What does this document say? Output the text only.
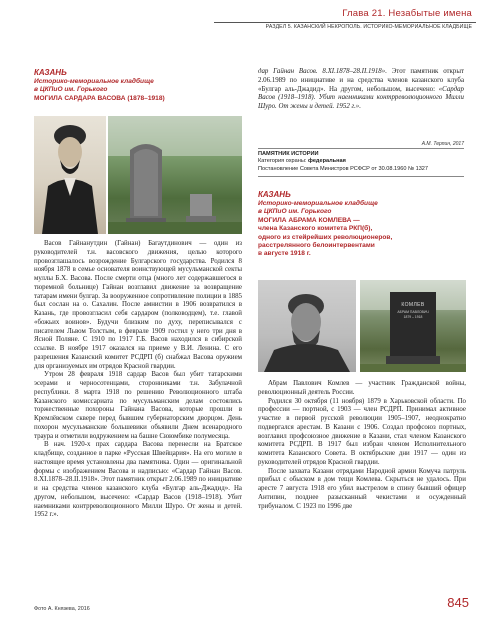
Глава 21. Незабытые имена
РАЗДЕЛ 5. КАЗАНСКИЙ НЕКРОПОЛЬ. ИСТОРИКО-МЕМОРИАЛЬНОЕ КЛАДБИЩЕ
КАЗАНЬ
Историко-мемориальное кладбище
в ЦКПиО им. Горького
МОГИЛА САРДАРА ВАСОВА (1878–1918)

Васов Гайнанутдин (Гайнан) Багаутдинович — один из руководителей т.н. васовского движения, целью которого провозглашалось возрождение Булгарского государства. Родился 8 ноября 1878 в семье основателя воинствующей мусульманской секты муллы Б.Х. Васова. После смерти отца (много лет содержавшегося в тюремной больнице) Гайнан возглавил движение за возвращение татарам имени булгар. За вооруженное сопротивление полиции в 1885 был сослан на о. Сахалин. После амнистии в 1906 возвратился в Казань, где провозгласил себя сардаром (полководцем), т.е. главой «божьих воинов». Будучи близким по духу, переписывался с писателем Львом Толстым, в феврале 1909 гостил у него три дня в Ясной Поляне. С 1910 по 1917 Г.Б. Васов находился в сибирской ссылке. В ноябре 1917 оказался на приеме у В.И. Ленина. С его разрешения Казанский комитет РСДРП (б) снабжал Васова оружием для организуемых им отрядов Красной гвардии.

Утром 28 февраля 1918 сардар Васов был убит татарскими эсерами и черносотенцами, сторонниками т.н. Забулачной республики. 8 марта 1918 по решению Революционного штаба Казанского комиссариата по мусульманским делам состоялись торжественные похороны Гайнана Васова, которые прошли в Кремлёвском сквере перед бывшим губернаторским дворцом. День похорон мусульманские большевики объявили Днем всенародного траура и отметили водружением на башне Сююмбике полумесяца.

В нач. 1920-х прах сардара Васова перенесли на Братское кладбище, созданное в парке «Русская Швейцария». На его могиле в настоящее время установлены два памятника. Один — оригинальной формы с изображением Васова и надписью: «Сардар Гайнан Васов. 8.XI.1878–28.II.1918». Этот памятник открыт 2.06.1989 по инициативе и на средства членов казанского клуба «Булгар аль-Джадид». На другом, небольшом, высечено: «Сардар Васов (1918–1918). Убит наемниками контрреволюционного Милли Шуро. От жены и детей. 1952 г.».

дар Гайнан Васов. 8.XI.1878–28.II.1918». Этот памятник открыт 2.06.1989 по инициативе и на средства членов казанского клуба «Булгар аль-Джадид». На другом, небольшом, высечено: «Сардар Васов (1918–1918). Убит наемниками контрреволюционного Милли Шуро. От жены и детей. 1952 г.».

А.М. Терпин, 2017
ПАМЯТНИК ИСТОРИИ
Категория охраны: федеральная
Постановление Совета Министров РСФСР от 30.08.1960 № 1327
КАЗАНЬ
Историко-мемориальное кладбище
в ЦКПиО им. Горького
МОГИЛА АБРАМА КОМЛЕВА —
члена Казанского комитета РКП(б),
одного из стейрейших революционеров,
расстрелянного белоинтервентами
в августе 1918 г.
КОМЛЕВ
АБРАМ ПАВЛОВИЧ
1879 – 1918

Абрам Павлович Комлев — участник Гражданской войны, революционный деятель России.

Родился 30 октября (11 ноября) 1879 в Харьковской области. По профессии — портной, с 1903 — член РСДРП. Принимал активное участие в первой русской революции 1905–1907, неоднократно подвергался арестам. В Казани с 1906. Создал профсоюз портных, возглавил профсоюзное движение в Казани, стал членом Казанского комитета РСДРП. В 1917 был избран членом Исполнительного комитета Казанского Совета. В октябрьские дни 1917 — один из руководителей отрядов Красной гвардии.

После захвата Казани отрядами Народной армии Комуча патруль прибыл с обыском в дом тещи Комлева. Скрыться не удалось. При аресте 7 августа 1918 его убил выстрелом в спину бывший офицер Антипин, позднее разысканный чекистами и осужденный трибуналом. С 1923 по 1996 две

Фото А. Князева, 2016	845
